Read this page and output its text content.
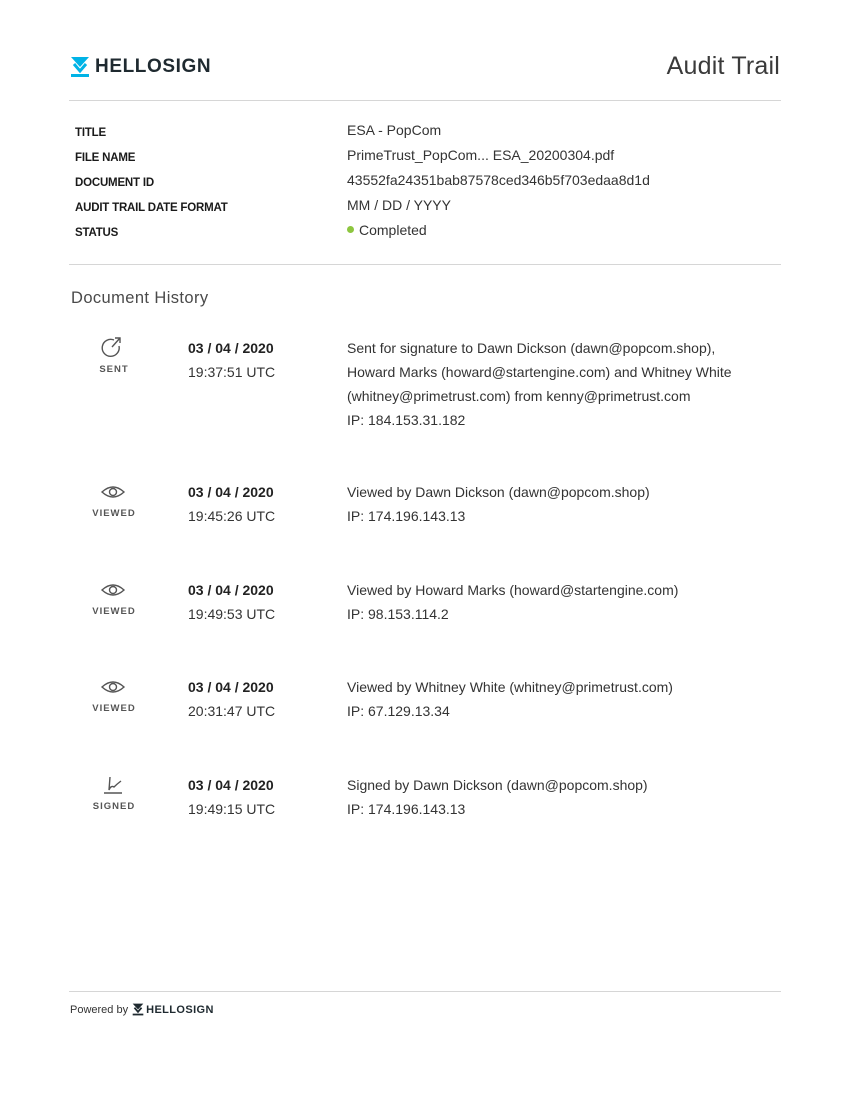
HELLOSIGN	Audit Trail
TITLE	ESA - PopCom
FILE NAME	PrimeTrust_PopCom... ESA_20200304.pdf
DOCUMENT ID	43552fa24351bab87578ced346b5f703edaa8d1d
AUDIT TRAIL DATE FORMAT	MM / DD / YYYY
STATUS	Completed
Document History
SENT
03 / 04 / 2020
19:37:51 UTC
Sent for signature to Dawn Dickson (dawn@popcom.shop),
Howard Marks (howard@startengine.com) and Whitney White
(whitney@primetrust.com) from kenny@primetrust.com
IP: 184.153.31.182
VIEWED
03 / 04 / 2020
19:45:26 UTC
Viewed by Dawn Dickson (dawn@popcom.shop)
IP: 174.196.143.13
VIEWED
03 / 04 / 2020
19:49:53 UTC
Viewed by Howard Marks (howard@startengine.com)
IP: 98.153.114.2
VIEWED
03 / 04 / 2020
20:31:47 UTC
Viewed by Whitney White (whitney@primetrust.com)
IP: 67.129.13.34
SIGNED
03 / 04 / 2020
19:49:15 UTC
Signed by Dawn Dickson (dawn@popcom.shop)
IP: 174.196.143.13
Powered by HELLOSIGN
